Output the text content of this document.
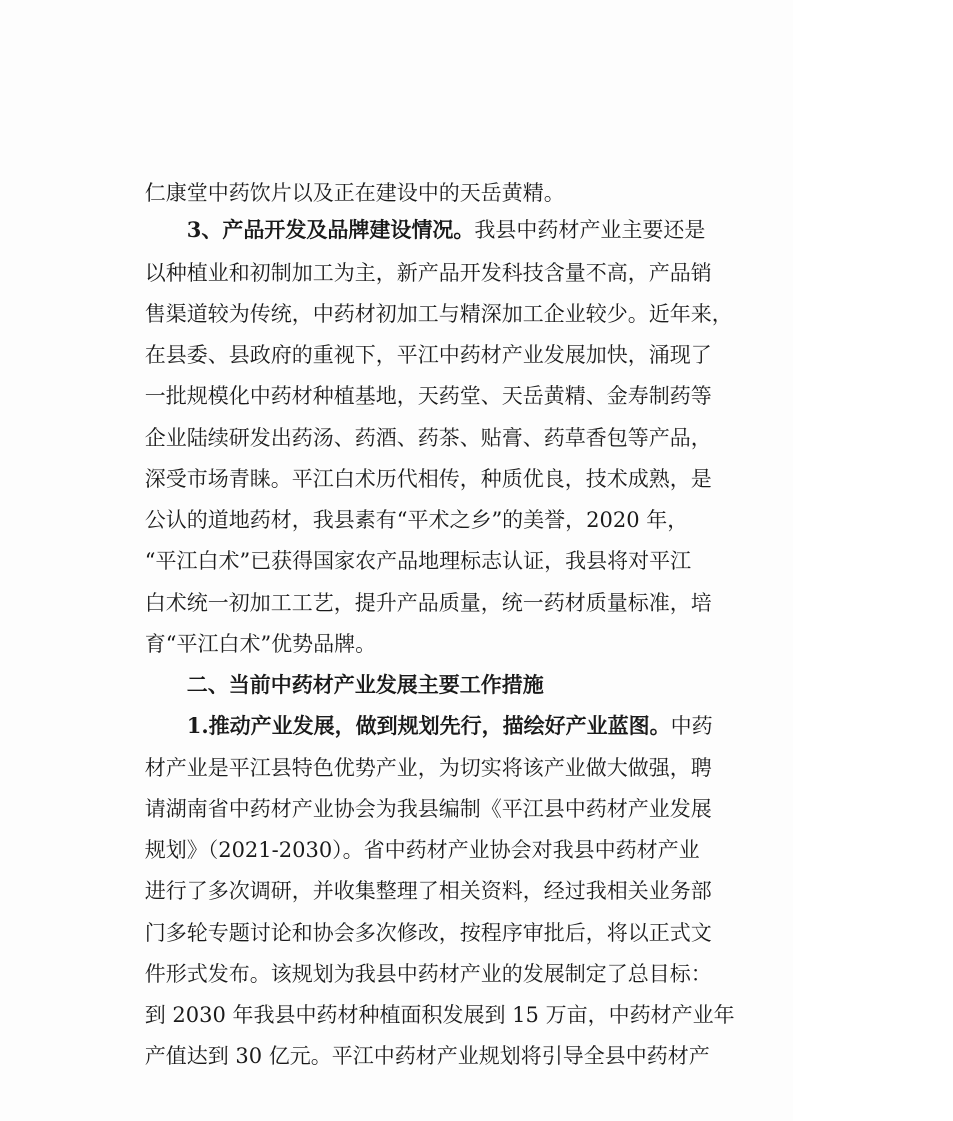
仁康堂中药饮片以及正在建设中的天岳黄精。

3、产品开发及品牌建设情况。我县中药材产业主要还是

以种植业和初制加工为主，新产品开发科技含量不高，产品销

售渠道较为传统，中药材初加工与精深加工企业较少。近年来，

在县委、县政府的重视下，平江中药材产业发展加快，涌现了

一批规模化中药材种植基地，天药堂、天岳黄精、金寿制药等

企业陆续研发出药汤、药酒、药茶、贴膏、药草香包等产品，

深受市场青睐。平江白术历代相传，种质优良，技术成熟，是

公认的道地药材，我县素有“平术之乡”的美誉，2020 年，

“平江白术”已获得国家农产品地理标志认证，我县将对平江

白术统一初加工工艺，提升产品质量，统一药材质量标准，培

育“平江白术”优势品牌。

二、当前中药材产业发展主要工作措施

1.推动产业发展，做到规划先行，描绘好产业蓝图。中药

材产业是平江县特色优势产业，为切实将该产业做大做强，聘

请湖南省中药材产业协会为我县编制《平江县中药材产业发展

规划》（2021-2030）。省中药材产业协会对我县中药材产业

进行了多次调研，并收集整理了相关资料，经过我相关业务部

门多轮专题讨论和协会多次修改，按程序审批后，将以正式文

件形式发布。该规划为我县中药材产业的发展制定了总目标：

到 2030 年我县中药材种植面积发展到 15 万亩，中药材产业年

产值达到 30 亿元。平江中药材产业规划将引导全县中药材产
